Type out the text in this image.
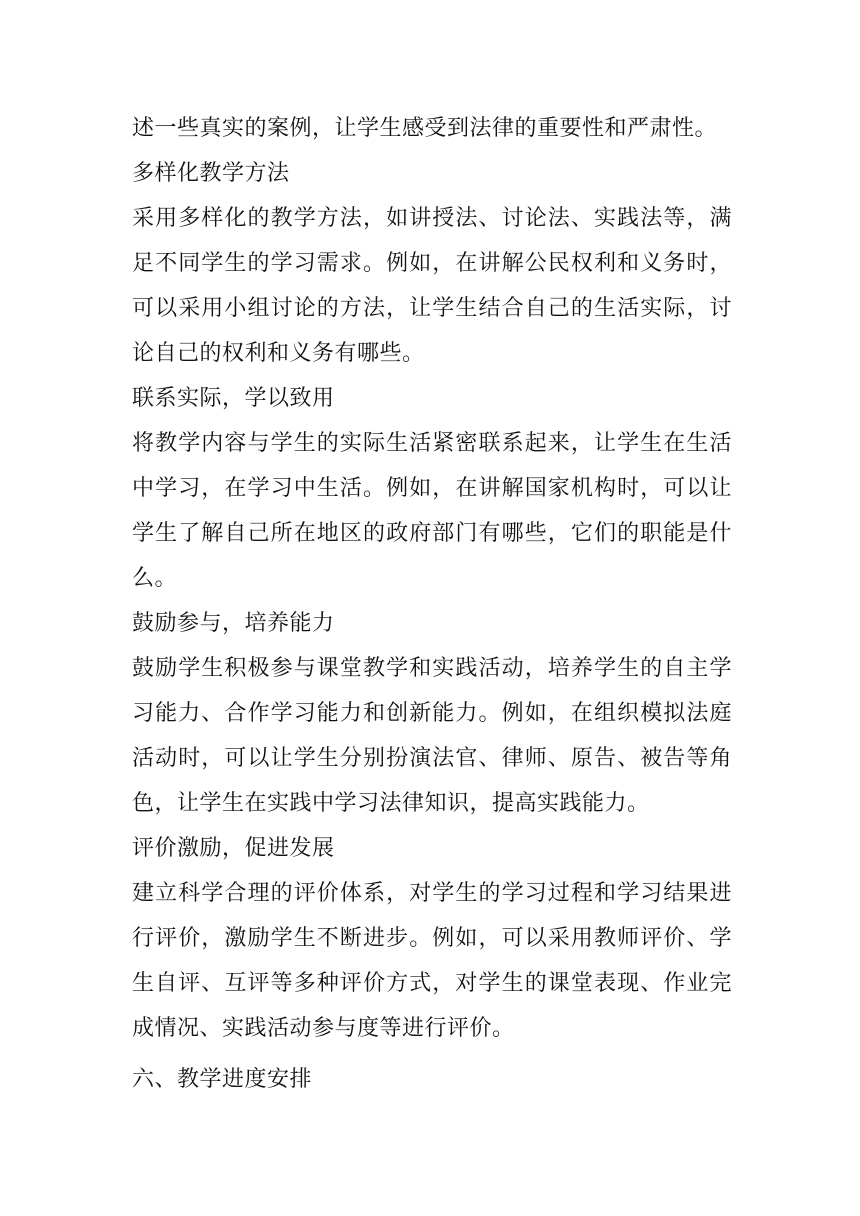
述一些真实的案例，让学生感受到法律的重要性和严肃性。

多样化教学方法

采用多样化的教学方法，如讲授法、讨论法、实践法等，满足不同学生的学习需求。例如，在讲解公民权利和义务时，可以采用小组讨论的方法，让学生结合自己的生活实际，讨论自己的权利和义务有哪些。

联系实际，学以致用

将教学内容与学生的实际生活紧密联系起来，让学生在生活中学习，在学习中生活。例如，在讲解国家机构时，可以让学生了解自己所在地区的政府部门有哪些，它们的职能是什么。

鼓励参与，培养能力

鼓励学生积极参与课堂教学和实践活动，培养学生的自主学习能力、合作学习能力和创新能力。例如，在组织模拟法庭活动时，可以让学生分别扮演法官、律师、原告、被告等角色，让学生在实践中学习法律知识，提高实践能力。

评价激励，促进发展

建立科学合理的评价体系，对学生的学习过程和学习结果进行评价，激励学生不断进步。例如，可以采用教师评价、学生自评、互评等多种评价方式，对学生的课堂表现、作业完成情况、实践活动参与度等进行评价。

六、教学进度安排
